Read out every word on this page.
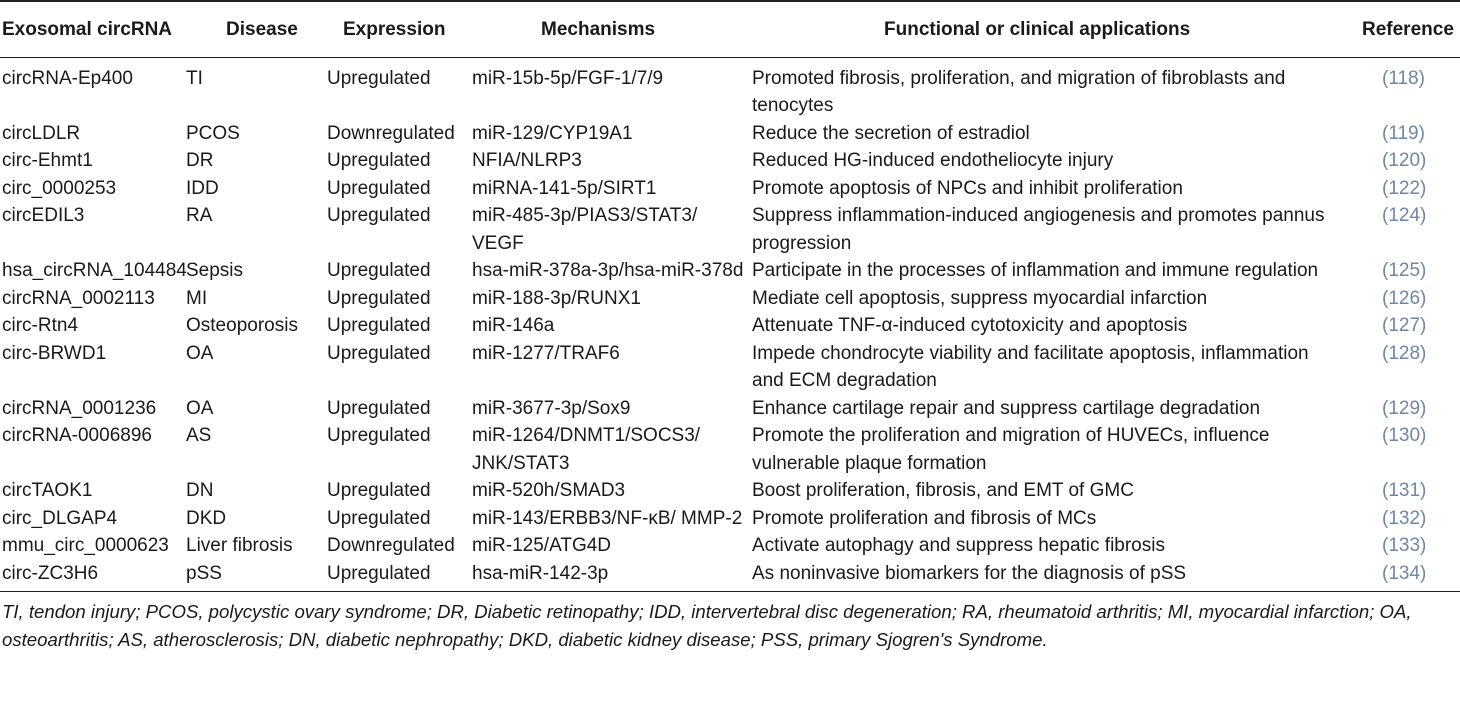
Exosomal circRNA	Disease	Expression	Mechanisms	Functional or clinical applications	Reference
circRNA-Ep400	TI	Upregulated	miR-15b-5p/FGF-1/7/9	Promoted fibrosis, proliferation, and migration of fibroblasts and tenocytes	(118)
circLDLR	PCOS	Downregulated	miR-129/CYP19A1	Reduce the secretion of estradiol	(119)
circ-Ehmt1	DR	Upregulated	NFIA/NLRP3	Reduced HG-induced endotheliocyte injury	(120)
circ_0000253	IDD	Upregulated	miRNA-141-5p/SIRT1	Promote apoptosis of NPCs and inhibit proliferation	(122)
circEDIL3	RA	Upregulated	miR-485-3p/PIAS3/STAT3/ VEGF	Suppress inflammation-induced angiogenesis and promotes pannus progression	(124)
hsa_circRNA_104484	Sepsis	Upregulated	hsa-miR-378a-3p/hsa-miR-378d	Participate in the processes of inflammation and immune regulation	(125)
circRNA_0002113	MI	Upregulated	miR-188-3p/RUNX1	Mediate cell apoptosis, suppress myocardial infarction	(126)
circ-Rtn4	Osteoporosis	Upregulated	miR-146a	Attenuate TNF-α-induced cytotoxicity and apoptosis	(127)
circ-BRWD1	OA	Upregulated	miR-1277/TRAF6	Impede chondrocyte viability and facilitate apoptosis, inflammation and ECM degradation	(128)
circRNA_0001236	OA	Upregulated	miR-3677-3p/Sox9	Enhance cartilage repair and suppress cartilage degradation	(129)
circRNA-0006896	AS	Upregulated	miR-1264/DNMT1/SOCS3/ JNK/STAT3	Promote the proliferation and migration of HUVECs, influence vulnerable plaque formation	(130)
circTAOK1	DN	Upregulated	miR-520h/SMAD3	Boost proliferation, fibrosis, and EMT of GMC	(131)
circ_DLGAP4	DKD	Upregulated	miR-143/ERBB3/NF-κB/ MMP-2	Promote proliferation and fibrosis of MCs	(132)
mmu_circ_0000623	Liver fibrosis	Downregulated	miR-125/ATG4D	Activate autophagy and suppress hepatic fibrosis	(133)
circ-ZC3H6	pSS	Upregulated	hsa-miR-142-3p	As noninvasive biomarkers for the diagnosis of pSS	(134)
TI, tendon injury; PCOS, polycystic ovary syndrome; DR, Diabetic retinopathy; IDD, intervertebral disc degeneration; RA, rheumatoid arthritis; MI, myocardial infarction; OA, osteoarthritis; AS, atherosclerosis; DN, diabetic nephropathy; DKD, diabetic kidney disease; PSS, primary Sjogren's Syndrome.
